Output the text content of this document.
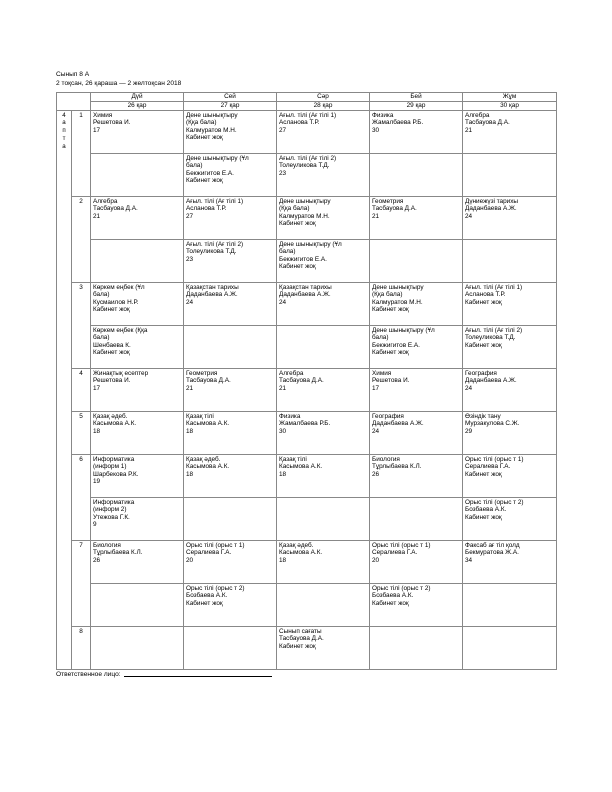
Сынып 8 А
2 тоқсан, 26 қараша — 2 желтоқсан 2018
		Дүй	Сей	Сәр	Бей	Жұм
		26 қар	27 қар	28 қар	29 қар	30 қар

4
а
п
т
а	1	Химия
Решетова И.
17	Дене шынықтыру
(Ққа бала)
Калмуратов М.Н.
Кабинет жоқ	Ағыл. тілі (Ағ тілі 1)
Асланова Т.Р.
27	Физика
Жамалбаева Р.Б.
30	Алгебра
Тасбауова Д.А.
21

			Дене шынықтыру (Ұл
бала)
Бекжигитов Е.А.
Кабинет жоқ	Ағыл. тілі (Ағ тілі 2)
Толеуликова Т.Д.
23		

	2	Алгебра
Тасбауова Д.А.
21	Ағыл. тілі (Ағ тілі 1)
Асланова Т.Р.
27	Дене шынықтыру
(Ққа бала)
Калмуратов М.Н.
Кабинет жоқ	Геометрия
Тасбауова Д.А.
21	Дүниежүзі тарихы
Даданбаева А.Ж.
24

			Ағыл. тілі (Ағ тілі 2)
Толеуликова Т.Д.
23	Дене шынықтыру (Ұл
бала)
Бекжигитов Е.А.
Кабинет жоқ		

	3	Көркем еңбек (Ұл
бала)
Кусмаилов Н.Р.
Кабинет жоқ	Қазақстан тарихы
Даданбаева А.Ж.
24	Қазақстан тарихы
Даданбаева А.Ж.
24	Дене шынықтыру
(Ққа бала)
Калмуратов М.Н.
Кабинет жоқ	Ағыл. тілі (Ағ тілі 1)
Асланова Т.Р.
Кабинет жоқ

		Көркем еңбек (Ққа
бала)
Шенбаева К.
Кабинет жоқ			Дене шынықтыру (Ұл
бала)
Бекжигитов Е.А.
Кабинет жоқ	Ағыл. тілі (Ағ тілі 2)
Толеуликова Т.Д.
Кабинет жоқ

	4	Жинақтық есептер
Решетова И.
17	Геометрия
Тасбауова Д.А.
21	Алгебра
Тасбауова Д.А.
21	Химия
Решетова И.
17	География
Даданбаева А.Ж.
24

	5	Қазақ әдеб.
Касымова А.К.
18	Қазақ тілі
Касымова А.К.
18	Физика
Жамалбаева Р.Б.
30	География
Даданбаева А.Ж.
24	Өзіндік тану
Мурзакулова С.Ж.
29

	6	Информатика
(информ 1)
Шарбекова Р.К.
19	Қазақ әдеб.
Касымова А.К.
18	Қазақ тілі
Касымова А.К.
18	Биология
Тұрлыбаева К.Л.
26	Орыс тілі (орыс т 1)
Сералиева Г.А.
Кабинет жоқ

		Информатика
(информ 2)
Утежова Г.К.
9				Орыс тілі (орыс т 2)
Бозбаева А.К.
Кабинет жоқ

	7	Биология
Тұрлыбаева К.Л.
26	Орыс тілі (орыс т 1)
Сералиева Г.А.
20	Қазақ әдеб.
Касымова А.К.
18	Орыс тілі (орыс т 1)
Сералиева Г.А.
20	Факсаб ағ тіл қолд
Бекмуратова Ж.А.
34

			Орыс тілі (орыс т 2)
Бозбаева А.К.
Кабинет жоқ		Орыс тілі (орыс т 2)
Бозбаева А.К.
Кабинет жоқ	

	8			Сынып сағаты
Тасбауова Д.А.
Кабинет жоқ		

Ответственное лицо:
